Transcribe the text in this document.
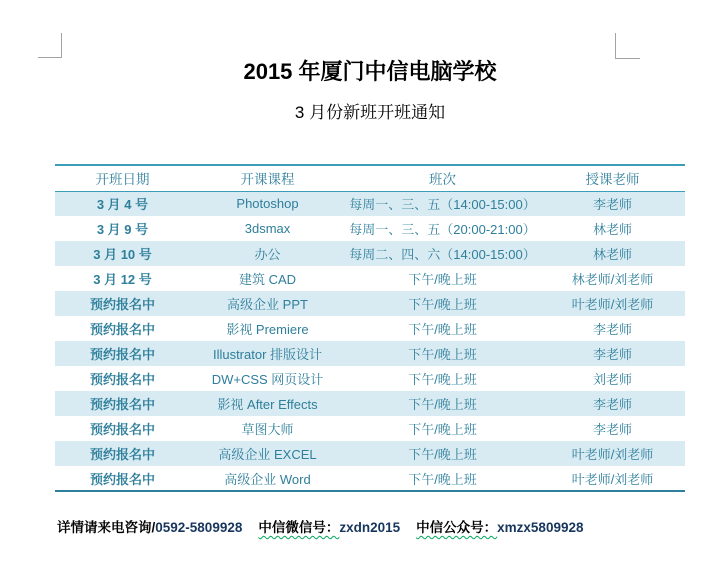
2015 年厦门中信电脑学校
3 月份新班开班通知
开班日期	开课课程	班次	授课老师
3 月 4 号	Photoshop	每周一、三、五（14:00-15:00）	李老师
3 月 9 号	3dsmax	每周一、三、五（20:00-21:00）	林老师
3 月 10 号	办公	每周二、四、六（14:00-15:00）	林老师
3 月 12 号	建筑 CAD	下午/晚上班	林老师/刘老师
预约报名中	高级企业 PPT	下午/晚上班	叶老师/刘老师
预约报名中	影视 Premiere	下午/晚上班	李老师
预约报名中	Illustrator 排版设计	下午/晚上班	李老师
预约报名中	DW+CSS 网页设计	下午/晚上班	刘老师
预约报名中	影视 After Effects	下午/晚上班	李老师
预约报名中	草图大师	下午/晚上班	李老师
预约报名中	高级企业 EXCEL	下午/晚上班	叶老师/刘老师
预约报名中	高级企业 Word	下午/晚上班	叶老师/刘老师
详情请来电咨询/0592-5809928 中信微信号：zxdn2015 中信公众号：xmzx5809928
